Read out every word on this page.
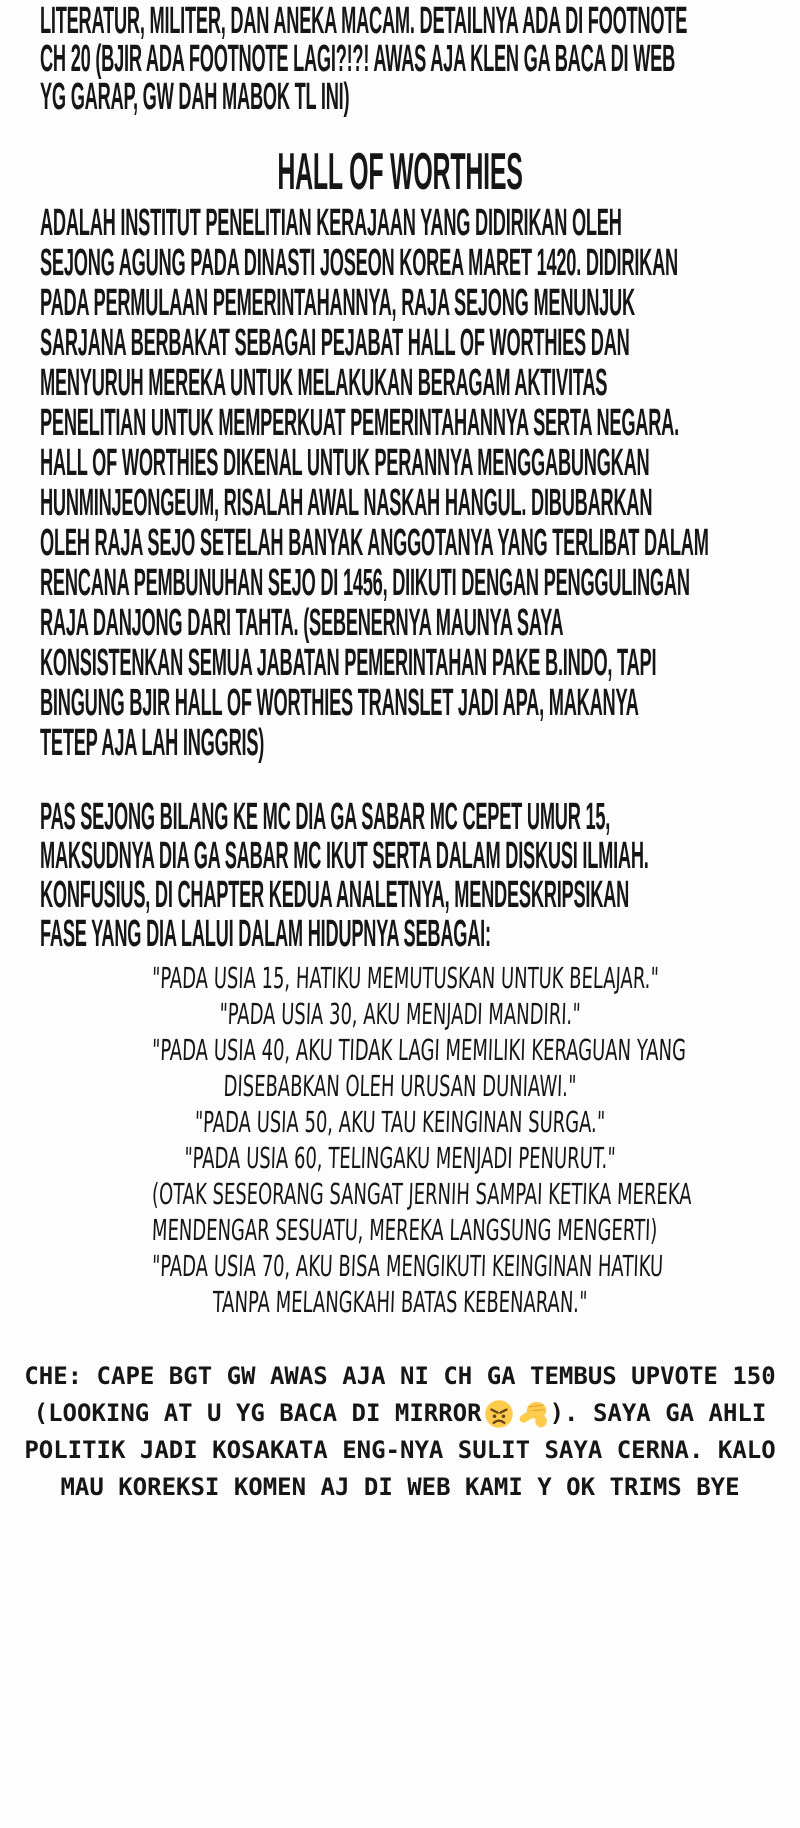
LITERATUR, MILITER, DAN ANEKA MACAM. DETAILNYA ADA DI FOOTNOTE
CH 20 (BJIR ADA FOOTNOTE LAGI?!?! AWAS AJA KLEN GA BACA DI WEB
YG GARAP, GW DAH MABOK TL INI)
HALL OF WORTHIES
ADALAH INSTITUT PENELITIAN KERAJAAN YANG DIDIRIKAN OLEH
SEJONG AGUNG PADA DINASTI JOSEON KOREA MARET 1420. DIDIRIKAN
PADA PERMULAAN PEMERINTAHANNYA, RAJA SEJONG MENUNJUK
SARJANA BERBAKAT SEBAGAI PEJABAT HALL OF WORTHIES DAN
MENYURUH MEREKA UNTUK MELAKUKAN BERAGAM AKTIVITAS
PENELITIAN UNTUK MEMPERKUAT PEMERINTAHANNYA SERTA NEGARA.
HALL OF WORTHIES DIKENAL UNTUK PERANNYA MENGGABUNGKAN
HUNMINJEONGEUM, RISALAH AWAL NASKAH HANGUL. DIBUBARKAN
OLEH RAJA SEJO SETELAH BANYAK ANGGOTANYA YANG TERLIBAT DALAM
RENCANA PEMBUNUHAN SEJO DI 1456, DIIKUTI DENGAN PENGGULINGAN
RAJA DANJONG DARI TAHTA. (SEBENERNYA MAUNYA SAYA
KONSISTENKAN SEMUA JABATAN PEMERINTAHAN PAKE B.INDO, TAPI
BINGUNG BJIR HALL OF WORTHIES TRANSLET JADI APA, MAKANYA
TETEP AJA LAH INGGRIS)
PAS SEJONG BILANG KE MC DIA GA SABAR MC CEPET UMUR 15,
MAKSUDNYA DIA GA SABAR MC IKUT SERTA DALAM DISKUSI ILMIAH.
KONFUSIUS, DI CHAPTER KEDUA ANALETNYA, MENDESKRIPSIKAN
FASE YANG DIA LALUI DALAM HIDUPNYA SEBAGAI:
"PADA USIA 15, HATIKU MEMUTUSKAN UNTUK BELAJAR."
"PADA USIA 30, AKU MENJADI MANDIRI."
"PADA USIA 40, AKU TIDAK LAGI MEMILIKI KERAGUAN YANG
DISEBABKAN OLEH URUSAN DUNIAWI."
"PADA USIA 50, AKU TAU KEINGINAN SURGA."
"PADA USIA 60, TELINGAKU MENJADI PENURUT."
(OTAK SESEORANG SANGAT JERNIH SAMPAI KETIKA MEREKA
MENDENGAR SESUATU, MEREKA LANGSUNG MENGERTI)
"PADA USIA 70, AKU BISA MENGIKUTI KEINGINAN HATIKU
TANPA MELANGKAHI BATAS KEBENARAN."
CHE: CAPE BGT GW AWAS AJA NI CH GA TEMBUS UPVOTE 150
(LOOKING AT U YG BACA DI MIRROR	). SAYA GA AHLI
POLITIK JADI KOSAKATA ENG-NYA SULIT SAYA CERNA. KALO
MAU KOREKSI KOMEN AJ DI WEB KAMI Y OK TRIMS BYE
